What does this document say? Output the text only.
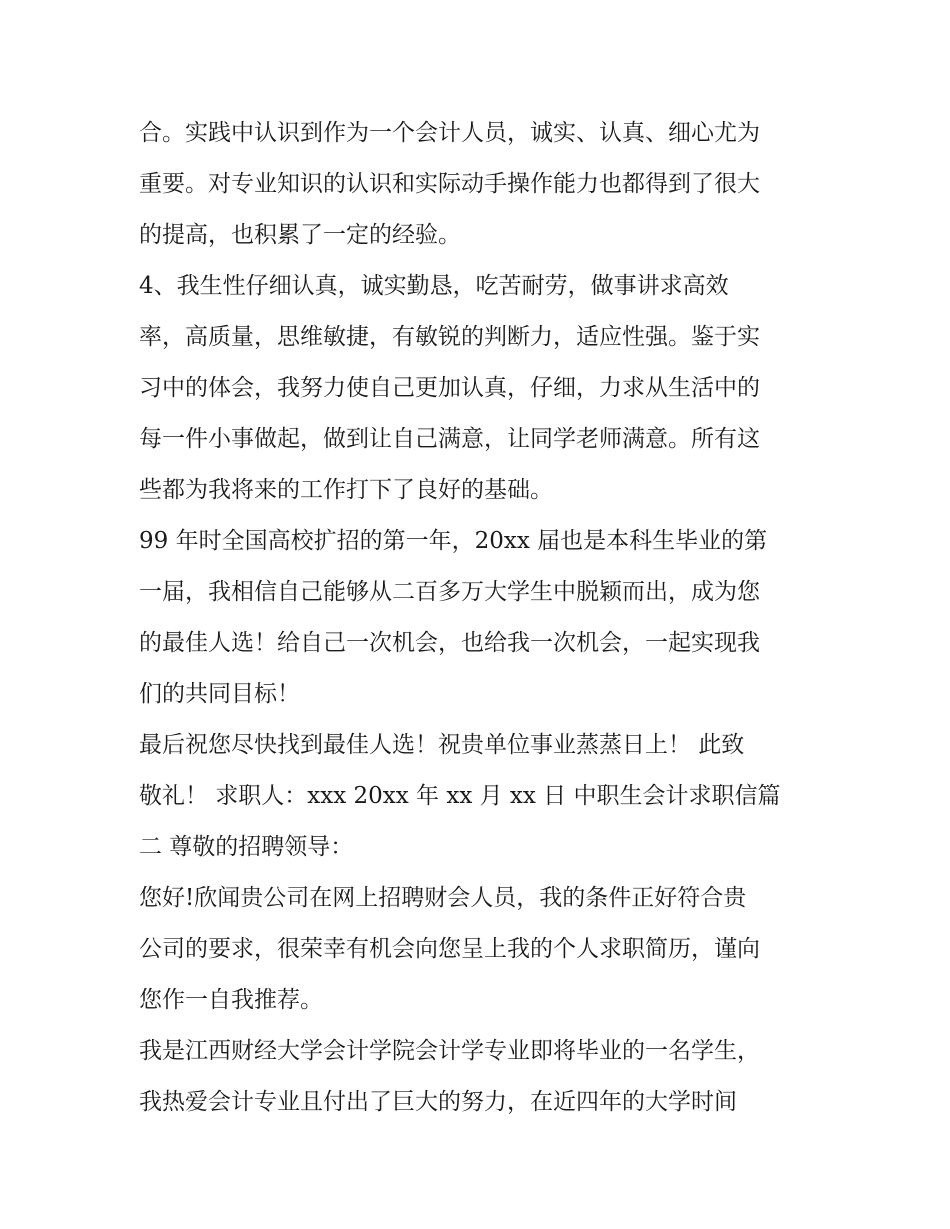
合。实践中认识到作为一个会计人员，诚实、认真、细心尤为
重要。对专业知识的认识和实际动手操作能力也都得到了很大
的提高，也积累了一定的经验。
4、我生性仔细认真，诚实勤恳，吃苦耐劳，做事讲求高效
率，高质量，思维敏捷，有敏锐的判断力，适应性强。鉴于实
习中的体会，我努力使自己更加认真，仔细，力求从生活中的
每一件小事做起，做到让自己满意，让同学老师满意。所有这
些都为我将来的工作打下了良好的基础。
99 年时全国高校扩招的第一年，20xx 届也是本科生毕业的第
一届，我相信自己能够从二百多万大学生中脱颖而出，成为您
的最佳人选！给自己一次机会，也给我一次机会，一起实现我
们的共同目标！
最后祝您尽快找到最佳人选！祝贵单位事业蒸蒸日上！ 此致
敬礼！ 求职人：xxx 20xx 年 xx 月 xx 日 中职生会计求职信篇
二 尊敬的招聘领导：
您好!欣闻贵公司在网上招聘财会人员，我的条件正好符合贵
公司的要求，很荣幸有机会向您呈上我的个人求职简历，谨向
您作一自我推荐。
我是江西财经大学会计学院会计学专业即将毕业的一名学生，
我热爱会计专业且付出了巨大的努力，在近四年的大学时间
